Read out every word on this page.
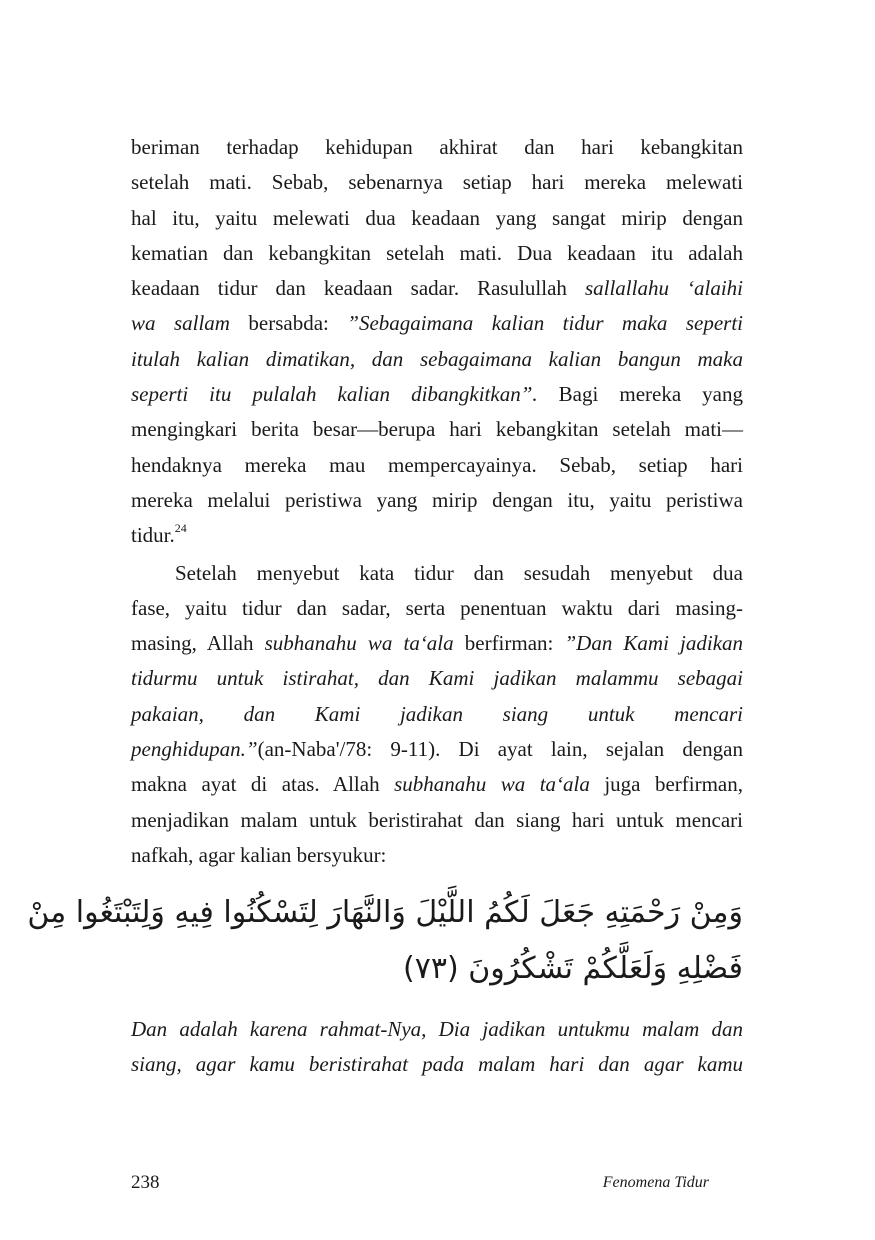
beriman terhadap kehidupan akhirat dan hari kebangkitan
setelah mati. Sebab, sebenarnya setiap hari mereka melewati
hal itu, yaitu melewati dua keadaan yang sangat mirip dengan
kematian dan kebangkitan setelah mati. Dua keadaan itu adalah
keadaan tidur dan keadaan sadar. Rasulullah sallallahu ‘alaihi
wa sallam bersabda: ”Sebagaimana kalian tidur maka seperti
itulah kalian dimatikan, dan sebagaimana kalian bangun maka
seperti itu pulalah kalian dibangkitkan”. Bagi mereka yang
mengingkari berita besar—berupa hari kebangkitan setelah mati—
hendaknya mereka mau mempercayainya. Sebab, setiap hari
mereka melalui peristiwa yang mirip dengan itu, yaitu peristiwa
tidur.$^{24}$
Setelah menyebut kata tidur dan sesudah menyebut dua
fase, yaitu tidur dan sadar, serta penentuan waktu dari masing-
masing, Allah subhanahu wa ta‘ala berfirman: ”Dan Kami jadikan
tidurmu untuk istirahat, dan Kami jadikan malammu sebagai
pakaian, dan Kami jadikan siang untuk mencari
penghidupan.”(an-Naba'/78: 9-11). Di ayat lain, sejalan dengan
makna ayat di atas. Allah subhanahu wa ta‘ala juga berfirman,
menjadikan malam untuk beristirahat dan siang hari untuk mencari
nafkah, agar kalian bersyukur:
وَمِنْ رَحْمَتِهِ جَعَلَ لَكُمُ اللَّيْلَ وَالنَّهَارَ لِتَسْكُنُوا فِيهِ وَلِتَبْتَغُوا مِنْ
فَضْلِهِ وَلَعَلَّكُمْ تَشْكُرُونَ (٧٣)
Dan adalah karena rahmat-Nya, Dia jadikan untukmu malam dan
siang, agar kamu beristirahat pada malam hari dan agar kamu
238	Fenomena Tidur
